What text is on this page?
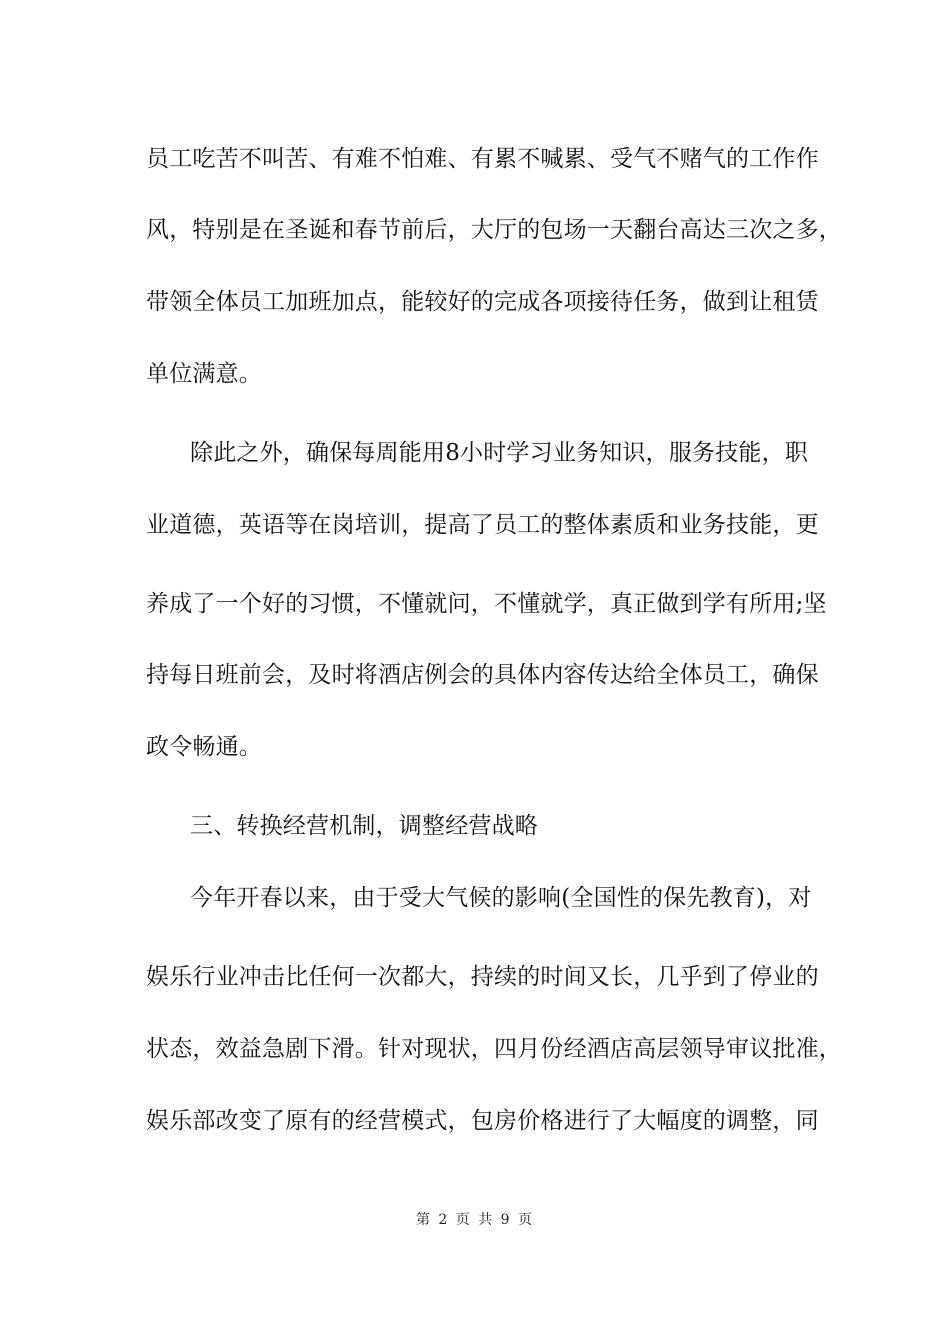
员工吃苦不叫苦、有难不怕难、有累不喊累、受气不赌气的工作作
风，特别是在圣诞和春节前后，大厅的包场一天翻台高达三次之多，
带领全体员工加班加点，能较好的完成各项接待任务，做到让租赁
单位满意。
除此之外，确保每周能用8小时学习业务知识，服务技能，职
业道德，英语等在岗培训，提高了员工的整体素质和业务技能，更
养成了一个好的习惯，不懂就问，不懂就学，真正做到学有所用;坚
持每日班前会，及时将酒店例会的具体内容传达给全体员工，确保
政令畅通。
三、转换经营机制，调整经营战略
今年开春以来，由于受大气候的影响(全国性的保先教育)，对
娱乐行业冲击比任何一次都大，持续的时间又长，几乎到了停业的
状态，效益急剧下滑。针对现状，四月份经酒店高层领导审议批准，
娱乐部改变了原有的经营模式，包房价格进行了大幅度的调整，同
第 2 页 共 9 页
